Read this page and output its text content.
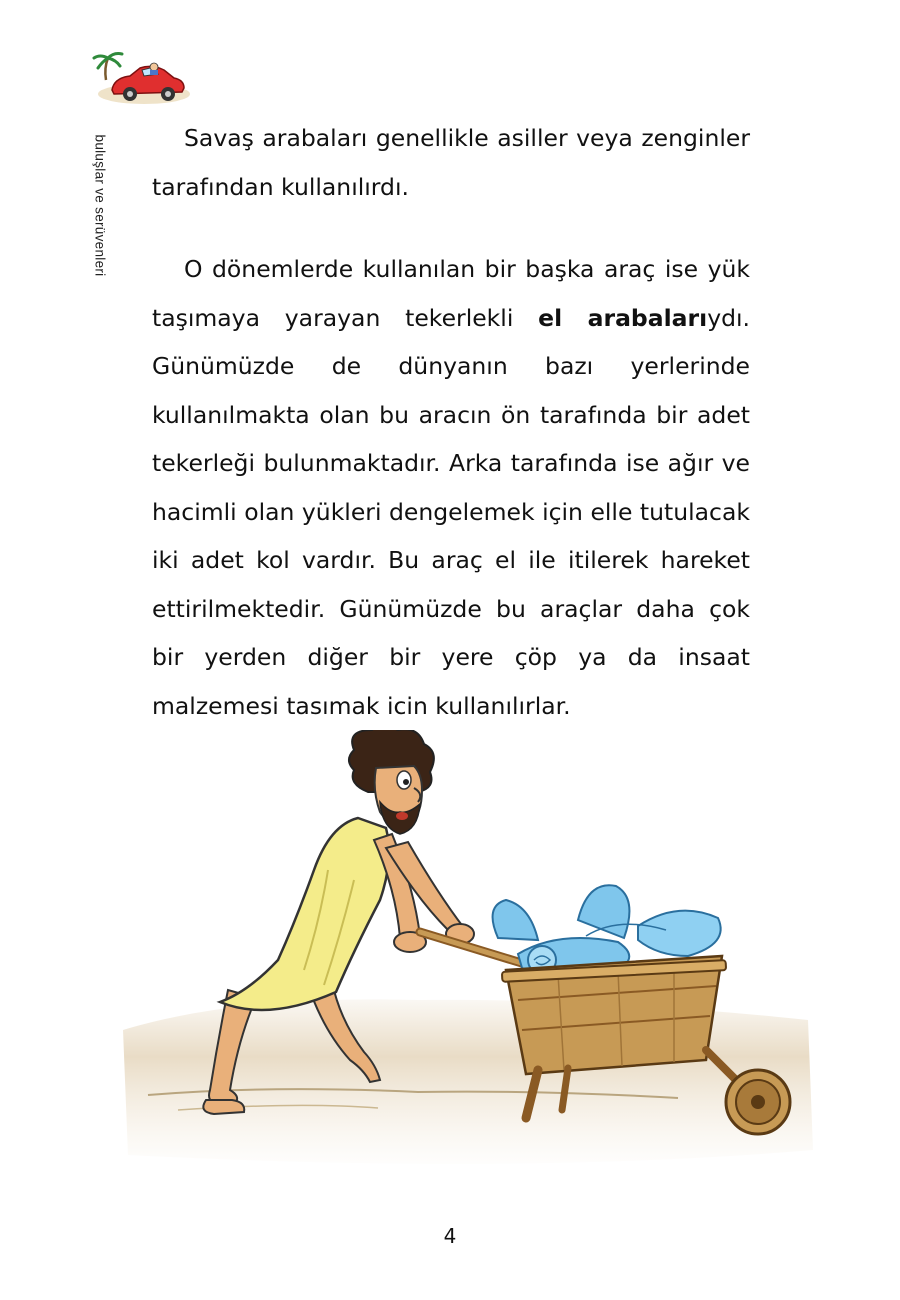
buluşlar ve serüvenleri	Savaş arabaları genellikle asiller veya zenginler tarafından kullanılırdı.

O dönemlerde kullanılan bir başka araç ise yük taşımaya yarayan tekerlekli el arabalarıydı. Günümüzde de dünyanın bazı yerlerinde kullanılmakta olan bu aracın ön tarafında bir adet tekerleği bulunmaktadır. Arka tarafında ise ağır ve hacimli olan yükleri dengelemek için elle tutulacak iki adet kol vardır. Bu araç el ile itilerek hareket ettirilmektedir. Günümüzde bu araçlar daha çok bir yerden diğer bir yere çöp ya da insaat malzemesi tasımak icin kullanılırlar.

4
